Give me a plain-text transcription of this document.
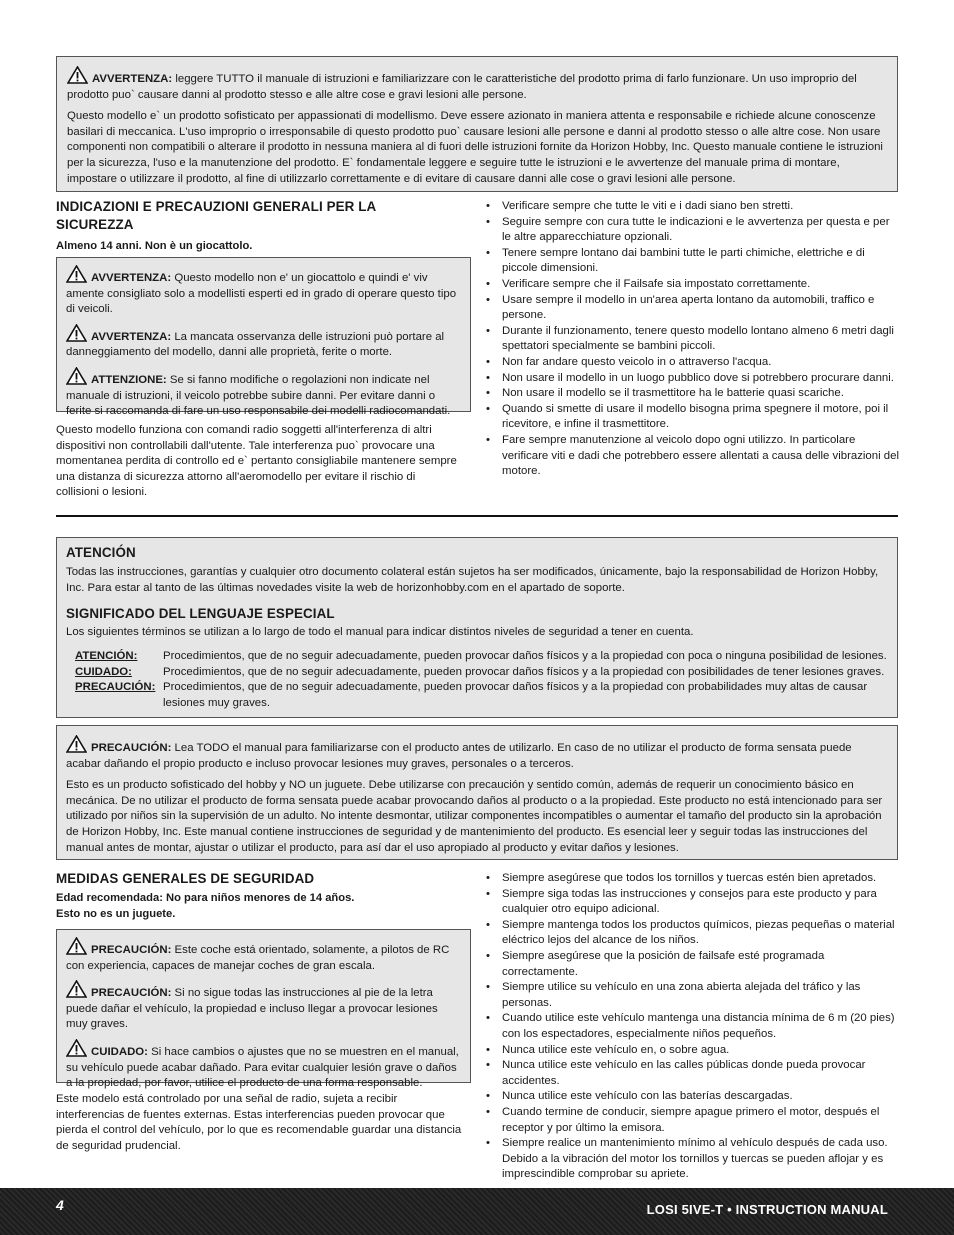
AVVERTENZA: leggere TUTTO il manuale di istruzioni e familiarizzare con le caratteristiche del prodotto prima di farlo funzionare. Un uso improprio del prodotto puo` causare danni al prodotto stesso e alle altre cose e gravi lesioni alle persone.

Questo modello e` un prodotto sofisticato per appassionati di modellismo. Deve essere azionato in maniera attenta e responsabile e richiede alcune conoscenze basilari di meccanica. L'uso improprio o irresponsabile di questo prodotto puo` causare lesioni alle persone e danni al prodotto stesso o alle altre cose. Non usare componenti non compatibili o alterare il prodotto in nessuna maniera al di fuori delle istruzioni fornite da Horizon Hobby, Inc. Questo manuale contiene le istruzioni per la sicurezza, l'uso e la manutenzione del prodotto. E` fondamentale leggere e seguire tutte le istruzioni e le avvertenze del manuale prima di montare, impostare o utilizzare il prodotto, al fine di utilizzarlo correttamente e di evitare di causare danni alle cose o gravi lesioni alle persone.

INDICAZIONI E PRECAUZIONI GENERALI PER LA SICUREZZA

Almeno 14 anni. Non è un giocattolo.

AVVERTENZA: Questo modello non e' un giocattolo e quindi e' viv amente consigliato solo a modellisti esperti ed in grado di operare questo tipo di veicoli.

AVVERTENZA: La mancata osservanza delle istruzioni può portare al danneggiamento del modello, danni alle proprietà, ferite o morte.

ATTENZIONE: Se si fanno modifiche o regolazioni non indicate nel manuale di istruzioni, il veicolo potrebbe subire danni. Per evitare danni o ferite si raccomanda di fare un uso responsabile dei modelli radiocomandati.

Questo modello funziona con comandi radio soggetti all'interferenza di altri dispositivi non controllabili dall'utente. Tale interferenza puo` provocare una momentanea perdita di controllo ed e` pertanto consigliabile mantenere sempre una distanza di sicurezza attorno all'aeromodello per evitare il rischio di collisioni o lesioni.

• Verificare sempre che tutte le viti e i dadi siano ben stretti.
• Seguire sempre con cura tutte le indicazioni e le avvertenza per questa e per le altre apparecchiature opzionali.
• Tenere sempre lontano dai bambini tutte le parti chimiche, elettriche e di piccole dimensioni.
• Verificare sempre che il Failsafe sia impostato correttamente.
• Usare sempre il modello in un'area aperta lontano da automobili, traffico e persone.
• Durante il funzionamento, tenere questo modello lontano almeno 6 metri dagli spettatori specialmente se bambini piccoli.
• Non far andare questo veicolo in o attraverso l'acqua.
• Non usare il modello in un luogo pubblico dove si potrebbero procurare danni.
• Non usare il modello se il trasmettitore ha le batterie quasi scariche.
• Quando si smette di usare il modello bisogna prima spegnere il motore, poi il ricevitore, e infine il trasmettitore.
• Fare sempre manutenzione al veicolo dopo ogni utilizzo. In particolare verificare viti e dadi che potrebbero essere allentati a causa delle vibrazioni del motore.
ATENCIÓN

Todas las instrucciones, garantías y cualquier otro documento colateral están sujetos ha ser modificados, únicamente, bajo la responsabilidad de Horizon Hobby, Inc. Para estar al tanto de las últimas novedades visite la web de horizonhobby.com en el apartado de soporte.

SIGNIFICADO DEL LENGUAJE ESPECIAL

Los siguientes términos se utilizan a lo largo de todo el manual para indicar distintos niveles de seguridad a tener en cuenta.

ATENCIÓN: Procedimientos, que de no seguir adecuadamente, pueden provocar daños físicos y a la propiedad con poca o ninguna posibilidad de lesiones.
CUIDADO:	Procedimientos, que de no seguir adecuadamente, pueden provocar daños físicos y a la propiedad con posibilidades de tener lesiones graves.
PRECAUCIÓN: Procedimientos, que de no seguir adecuadamente, pueden provocar daños físicos y a la propiedad con probabilidades muy altas de causar lesiones muy graves.

PRECAUCIÓN: Lea TODO el manual para familiarizarse con el producto antes de utilizarlo. En caso de no utilizar el producto de forma sensata puede acabar dañando el propio producto e incluso provocar lesiones muy graves, personales o a terceros.

Esto es un producto sofisticado del hobby y NO un juguete. Debe utilizarse con precaución y sentido común, además de requerir un conocimiento básico en mecánica. De no utilizar el producto de forma sensata puede acabar provocando daños al producto o a la propiedad. Este producto no está intencionado para ser utilizado por niños sin la supervisión de un adulto. No intente desmontar, utilizar componentes incompatibles o aumentar el tamaño del producto sin la aprobación de Horizon Hobby, Inc. Este manual contiene instrucciones de seguridad y de mantenimiento del producto. Es esencial leer y seguir todas las instrucciones del manual antes de montar, ajustar o utilizar el producto, para así dar el uso apropiado al producto y evitar daños y lesiones.

MEDIDAS GENERALES DE SEGURIDAD

Edad recomendada: No para niños menores de 14 años.

Esto no es un juguete.

PRECAUCIÓN: Este coche está orientado, solamente, a pilotos de RC con experiencia, capaces de manejar coches de gran escala.

PRECAUCIÓN: Si no sigue todas las instrucciones al pie de la letra puede dañar el vehículo, la propiedad e incluso llegar a provocar lesiones muy graves.

CUIDADO: Si hace cambios o ajustes que no se muestren en el manual, su vehículo puede acabar dañado. Para evitar cualquier lesión grave o daños a la propiedad, por favor, utilice el producto de una forma responsable.

Este modelo está controlado por una señal de radio, sujeta a recibir interferencias de fuentes externas. Estas interferencias pueden provocar que pierda el control del vehículo, por lo que es recomendable guardar una distancia de seguridad prudencial.

• Siempre asegúrese que todos los tornillos y tuercas estén bien apretados.
• Siempre siga todas las instrucciones y consejos para este producto y para cualquier otro equipo adicional.
• Siempre mantenga todos los productos químicos, piezas pequeñas o material eléctrico lejos del alcance de los niños.
• Siempre asegúrese que la posición de failsafe esté programada correctamente.
• Siempre utilice su vehículo en una zona abierta alejada del tráfico y las personas.
• Cuando utilice este vehículo mantenga una distancia mínima de 6 m (20 pies) con los espectadores, especialmente niños pequeños.
• Nunca utilice este vehículo en, o sobre agua.
• Nunca utilice este vehículo en las calles públicas donde pueda provocar accidentes.
• Nunca utilice este vehículo con las baterías descargadas.
• Cuando termine de conducir, siempre apague primero el motor, después el receptor y por último la emisora.
• Siempre realice un mantenimiento mínimo al vehículo después de cada uso. Debido a la vibración del motor los tornillos y tuercas se pueden aflojar y es imprescindible comprobar su apriete.
4	LOSI 5IVE-T • INSTRUCTION MANUAL
